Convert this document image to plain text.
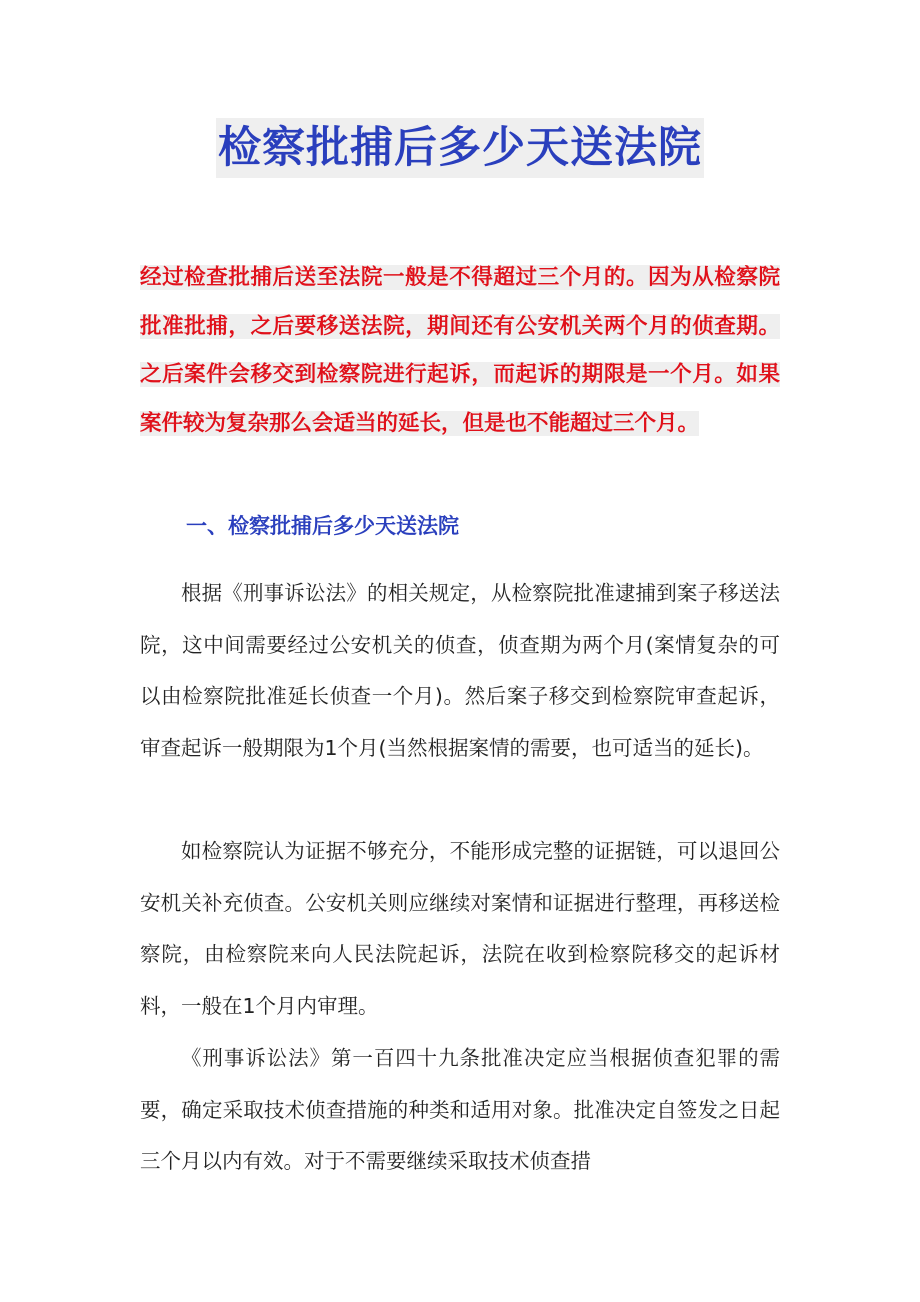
检察批捕后多少天送法院

经过检查批捕后送至法院一般是不得超过三个月的。因为从检察院批准批捕，之后要移送法院，期间还有公安机关两个月的侦查期。之后案件会移交到检察院进行起诉，而起诉的期限是一个月。如果案件较为复杂那么会适当的延长，但是也不能超过三个月。

一、检察批捕后多少天送法院

根据《刑事诉讼法》的相关规定，从检察院批准逮捕到案子移送法院，这中间需要经过公安机关的侦查，侦查期为两个月(案情复杂的可以由检察院批准延长侦查一个月)。然后案子移交到检察院审查起诉，审查起诉一般期限为1个月(当然根据案情的需要，也可适当的延长)。

如检察院认为证据不够充分，不能形成完整的证据链，可以退回公安机关补充侦查。公安机关则应继续对案情和证据进行整理，再移送检察院，由检察院来向人民法院起诉，法院在收到检察院移交的起诉材料，一般在1个月内审理。

《刑事诉讼法》第一百四十九条批准决定应当根据侦查犯罪的需要，确定采取技术侦查措施的种类和适用对象。批准决定自签发之日起三个月以内有效。对于不需要继续采取技术侦查措
